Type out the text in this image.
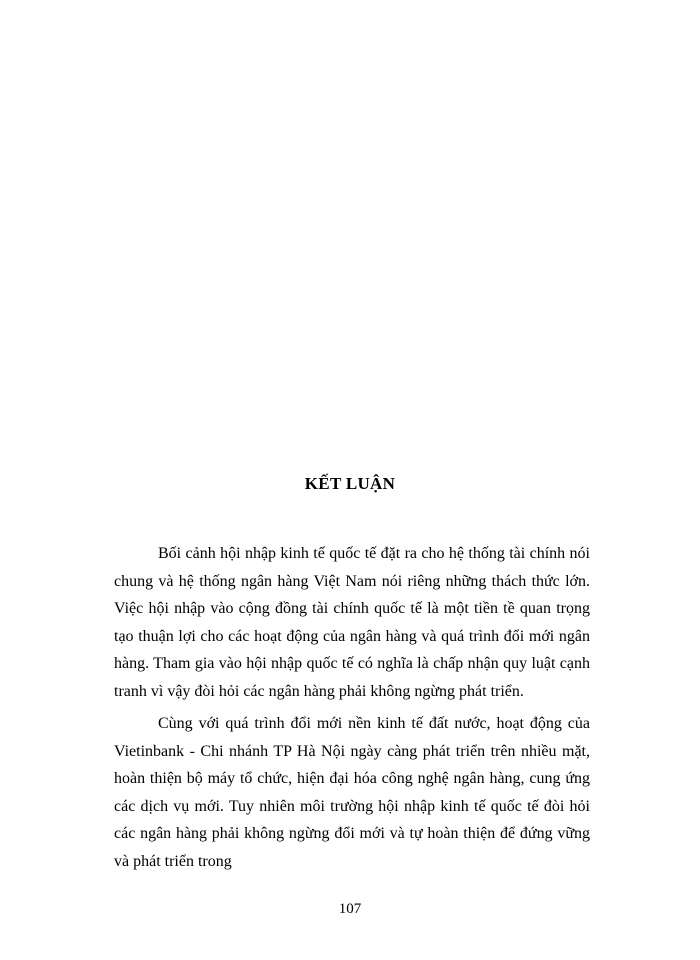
KẾT LUẬN

Bối cảnh hội nhập kinh tế quốc tế đặt ra cho hệ thống tài chính nói chung và hệ thống ngân hàng Việt Nam nói riêng những thách thức lớn. Việc hội nhập vào cộng đồng tài chính quốc tế là một tiền tề quan trọng tạo thuận lợi cho các hoạt động của ngân hàng và quá trình đổi mới ngân hàng. Tham gia vào hội nhập quốc tế có nghĩa là chấp nhận quy luật cạnh tranh vì vậy đòi hỏi các ngân hàng phải không ngừng phát triển.

Cùng với quá trình đổi mới nền kinh tế đất nước, hoạt động của Vietinbank - Chi nhánh TP Hà Nội ngày càng phát triển trên nhiều mặt, hoàn thiện bộ máy tổ chức, hiện đại hóa công nghệ ngân hàng, cung ứng các dịch vụ mới. Tuy nhiên môi trường hội nhập kinh tế quốc tế đòi hỏi các ngân hàng phải không ngừng đổi mới và tự hoàn thiện để đứng vững và phát triển trong

107
